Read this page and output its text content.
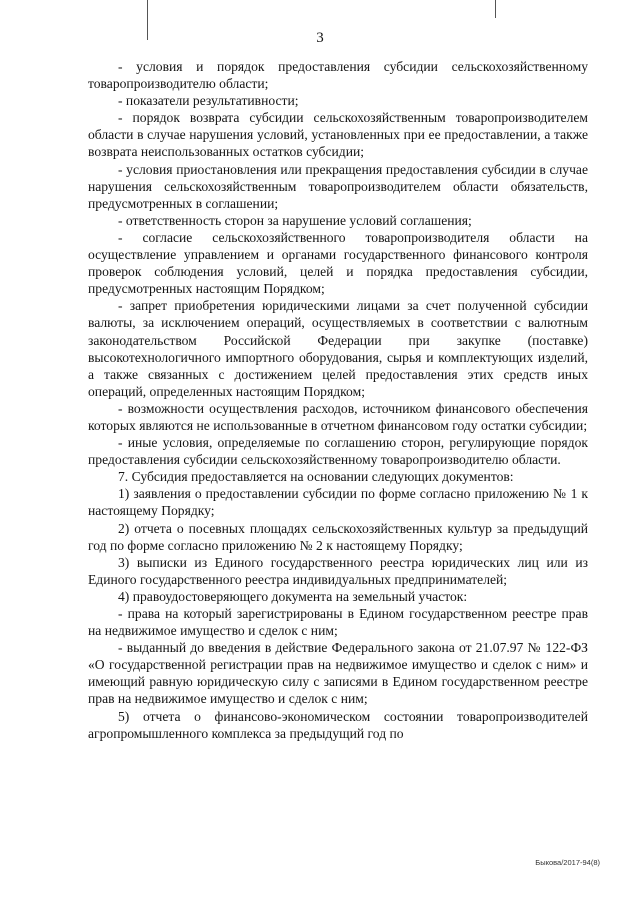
3

- условия и порядок предоставления субсидии сельскохозяйственному товаропроизводителю области;

- показатели результативности;

- порядок возврата субсидии сельскохозяйственным товаропроизводителем области в случае нарушения условий, установленных при ее предоставлении, а также возврата неиспользованных остатков субсидии;

- условия приостановления или прекращения предоставления субсидии в случае нарушения сельскохозяйственным товаропроизводителем области обязательств, предусмотренных в соглашении;

- ответственность сторон за нарушение условий соглашения;

- согласие сельскохозяйственного товаропроизводителя области на осуществление управлением и органами государственного финансового контроля проверок соблюдения условий, целей и порядка предоставления субсидии, предусмотренных настоящим Порядком;

- запрет приобретения юридическими лицами за счет полученной субсидии валюты, за исключением операций, осуществляемых в соответствии с валютным законодательством Российской Федерации при закупке (поставке) высокотехнологичного импортного оборудования, сырья и комплектующих изделий, а также связанных с достижением целей предоставления этих средств иных операций, определенных настоящим Порядком;

- возможности осуществления расходов, источником финансового обеспечения которых являются не использованные в отчетном финансовом году остатки субсидии;

- иные условия, определяемые по соглашению сторон, регулирующие порядок предоставления субсидии сельскохозяйственному товаропроизводителю области.

7. Субсидия предоставляется на основании следующих документов:

1) заявления о предоставлении субсидии по форме согласно приложению № 1 к настоящему Порядку;

2) отчета о посевных площадях сельскохозяйственных культур за предыдущий год по форме согласно приложению № 2 к настоящему Порядку;

3) выписки из Единого государственного реестра юридических лиц или из Единого государственного реестра индивидуальных предпринимателей;

4) правоудостоверяющего документа на земельный участок:

- права на который зарегистрированы в Едином государственном реестре прав на недвижимое имущество и сделок с ним;

- выданный до введения в действие Федерального закона от 21.07.97 № 122-ФЗ «О государственной регистрации прав на недвижимое имущество и сделок с ним» и имеющий равную юридическую силу с записями в Едином государственном реестре прав на недвижимое имущество и сделок с ним;

5) отчета о финансово-экономическом состоянии товаропроизводителей агропромышленного комплекса за предыдущий год по

Быкова/2017-94(8)
